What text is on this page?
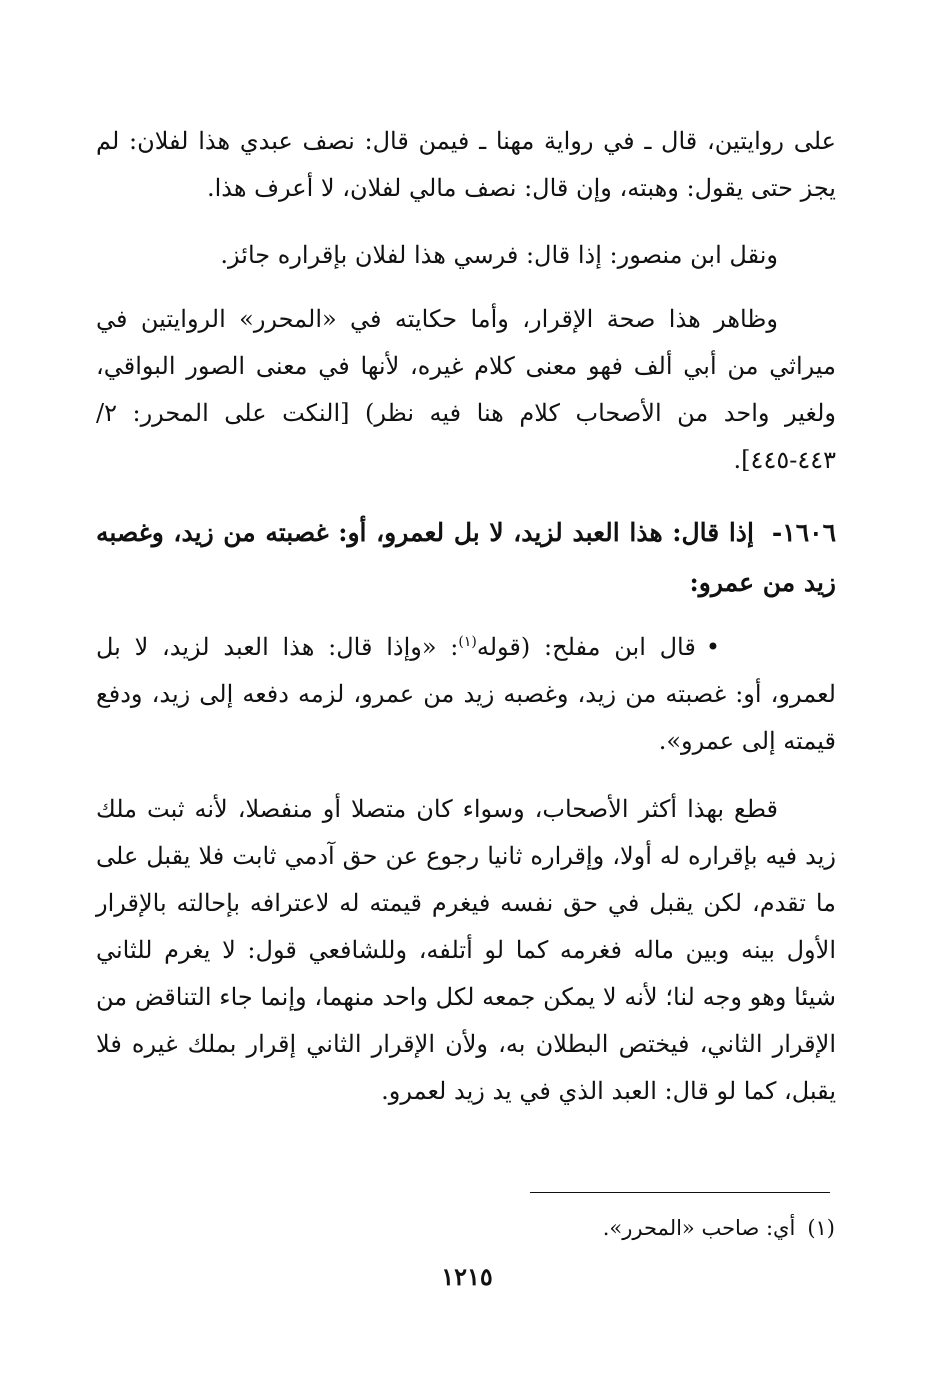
على روايتين، قال ـ في رواية مهنا ـ فيمن قال: نصف عبدي هذا لفلان: لم يجز حتى يقول: وهبته، وإن قال: نصف مالي لفلان، لا أعرف هذا.

ونقل ابن منصور: إذا قال: فرسي هذا لفلان بإقراره جائز.

وظاهر هذا صحة الإقرار، وأما حكايته في «المحرر» الروايتين في ميراثي من أبي ألف فهو معنى كلام غيره، لأنها في معنى الصور البواقي، ولغير واحد من الأصحاب كلام هنا فيه نظر) [النكت على المحرر: ٢/ ٤٤٣-٤٤٥].

١٦٠٦-إذا قال: هذا العبد لزيد، لا بل لعمرو، أو: غصبته من زيد، وغصبه زيد من عمرو:

•قال ابن مفلح: (قوله$^{(١)}$: «وإذا قال: هذا العبد لزيد، لا بل لعمرو، أو: غصبته من زيد، وغصبه زيد من عمرو، لزمه دفعه إلى زيد، ودفع قيمته إلى عمرو».

قطع بهذا أكثر الأصحاب، وسواء كان متصلا أو منفصلا، لأنه ثبت ملك زيد فيه بإقراره له أولا، وإقراره ثانيا رجوع عن حق آدمي ثابت فلا يقبل على ما تقدم، لكن يقبل في حق نفسه فيغرم قيمته له لاعترافه بإحالته بالإقرار الأول بينه وبين ماله فغرمه كما لو أتلفه، وللشافعي قول: لا يغرم للثاني شيئا وهو وجه لنا؛ لأنه لا يمكن جمعه لكل واحد منهما، وإنما جاء التناقض من الإقرار الثاني، فيختص البطلان به، ولأن الإقرار الثاني إقرار بملك غيره فلا يقبل، كما لو قال: العبد الذي في يد زيد لعمرو.

(١)أي: صاحب «المحرر».
١٢١٥
